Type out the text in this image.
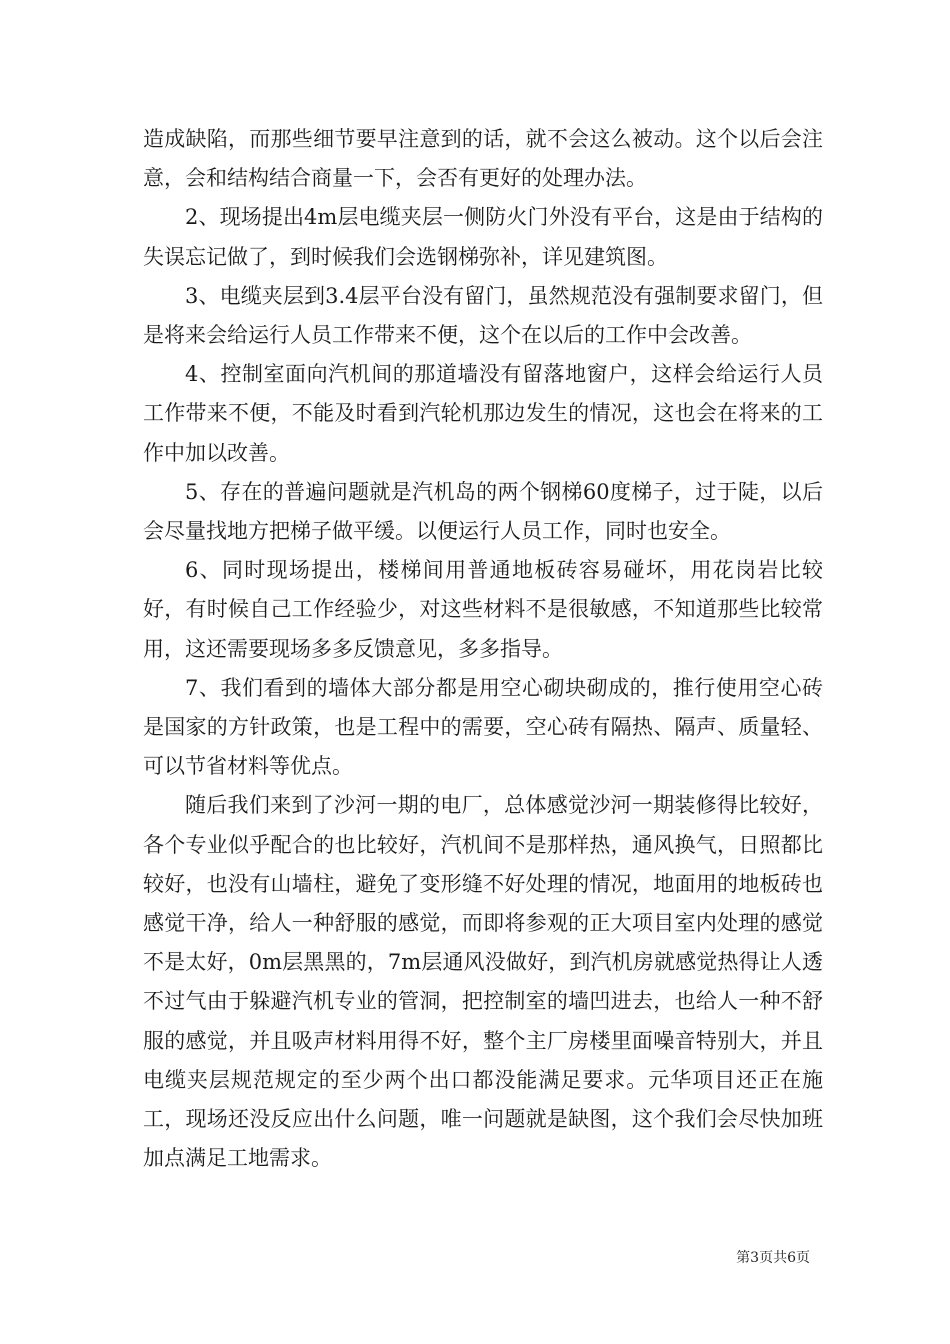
造成缺陷，而那些细节要早注意到的话，就不会这么被动。这个以后会注意，会和结构结合商量一下，会否有更好的处理办法。

2、现场提出4m层电缆夹层一侧防火门外没有平台，这是由于结构的失误忘记做了，到时候我们会选钢梯弥补，详见建筑图。

3、电缆夹层到3.4层平台没有留门，虽然规范没有强制要求留门，但是将来会给运行人员工作带来不便，这个在以后的工作中会改善。

4、控制室面向汽机间的那道墙没有留落地窗户，这样会给运行人员工作带来不便，不能及时看到汽轮机那边发生的情况，这也会在将来的工作中加以改善。

5、存在的普遍问题就是汽机岛的两个钢梯60度梯子，过于陡，以后会尽量找地方把梯子做平缓。以便运行人员工作，同时也安全。

6、同时现场提出，楼梯间用普通地板砖容易碰坏，用花岗岩比较好，有时候自己工作经验少，对这些材料不是很敏感，不知道那些比较常用，这还需要现场多多反馈意见，多多指导。

7、我们看到的墙体大部分都是用空心砌块砌成的，推行使用空心砖是国家的方针政策，也是工程中的需要，空心砖有隔热、隔声、质量轻、可以节省材料等优点。

随后我们来到了沙河一期的电厂，总体感觉沙河一期装修得比较好，各个专业似乎配合的也比较好，汽机间不是那样热，通风换气，日照都比较好，也没有山墙柱，避免了变形缝不好处理的情况，地面用的地板砖也感觉干净，给人一种舒服的感觉，而即将参观的正大项目室内处理的感觉不是太好，0m层黑黑的，7m层通风没做好，到汽机房就感觉热得让人透不过气由于躲避汽机专业的管洞，把控制室的墙凹进去，也给人一种不舒服的感觉，并且吸声材料用得不好，整个主厂房楼里面噪音特别大，并且电缆夹层规范规定的至少两个出口都没能满足要求。元华项目还正在施工，现场还没反应出什么问题，唯一问题就是缺图，这个我们会尽快加班加点满足工地需求。

第3页共6页
